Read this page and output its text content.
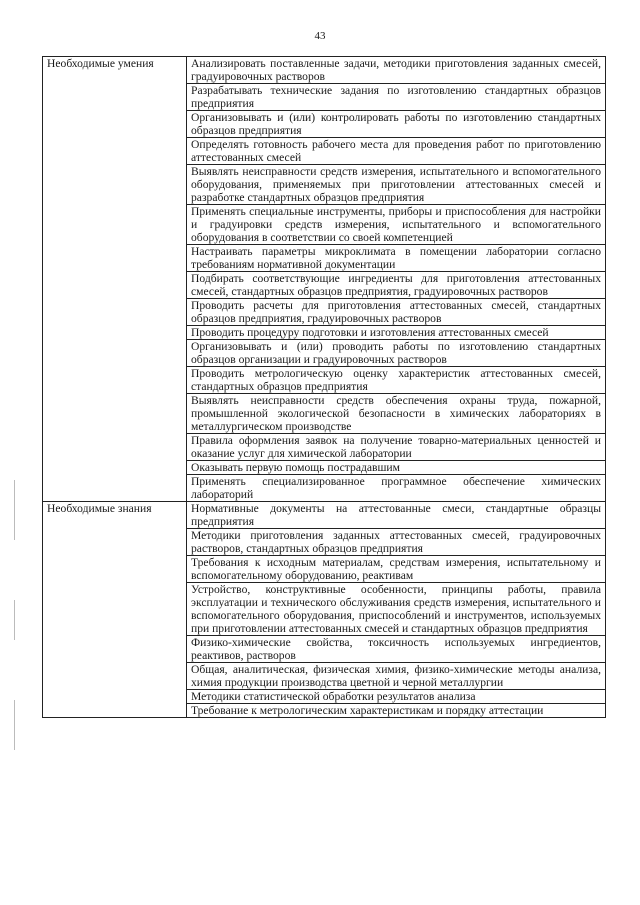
43
Необходимые умения	Анализировать поставленные задачи, методики приготовления заданных смесей, градуировочных растворов
	Разрабатывать технические задания по изготовлению стандартных образцов предприятия
	Организовывать и (или) контролировать работы по изготовлению стандартных образцов предприятия
	Определять готовность рабочего места для проведения работ по приготовлению аттестованных смесей
	Выявлять неисправности средств измерения, испытательного и вспомогательного оборудования, применяемых при приготовлении аттестованных смесей и разработке стандартных образцов предприятия
	Применять специальные инструменты, приборы и приспособления для настройки и градуировки средств измерения, испытательного и вспомогательного оборудования в соответствии со своей компетенцией
	Настраивать параметры микроклимата в помещении лаборатории согласно требованиям нормативной документации
	Подбирать соответствующие ингредиенты для приготовления аттестованных смесей, стандартных образцов предприятия, градуировочных растворов
	Проводить расчеты для приготовления аттестованных смесей, стандартных образцов предприятия, градуировочных растворов
	Проводить процедуру подготовки и изготовления аттестованных смесей
	Организовывать и (или) проводить работы по изготовлению стандартных образцов организации и градуировочных растворов
	Проводить метрологическую оценку характеристик аттестованных смесей, стандартных образцов предприятия
	Выявлять неисправности средств обеспечения охраны труда, пожарной, промышленной экологической безопасности в химических лабораториях в металлургическом производстве
	Правила оформления заявок на получение товарно-материальных ценностей и оказание услуг для химической лаборатории
	Оказывать первую помощь пострадавшим
	Применять специализированное программное обеспечение химических лабораторий
Необходимые знания	Нормативные документы на аттестованные смеси, стандартные образцы предприятия
	Методики приготовления заданных аттестованных смесей, градуировочных растворов, стандартных образцов предприятия
	Требования к исходным материалам, средствам измерения, испытательному и вспомогательному оборудованию, реактивам
	Устройство, конструктивные особенности, принципы работы, правила эксплуатации и технического обслуживания средств измерения, испытательного и вспомогательного оборудования, приспособлений и инструментов, используемых при приготовлении аттестованных смесей и стандартных образцов предприятия
	Физико-химические свойства, токсичность используемых ингредиентов, реактивов, растворов
	Общая, аналитическая, физическая химия, физико-химические методы анализа, химия продукции производства цветной и черной металлургии
	Методики статистической обработки результатов анализа
	Требование к метрологическим характеристикам и порядку аттестации
